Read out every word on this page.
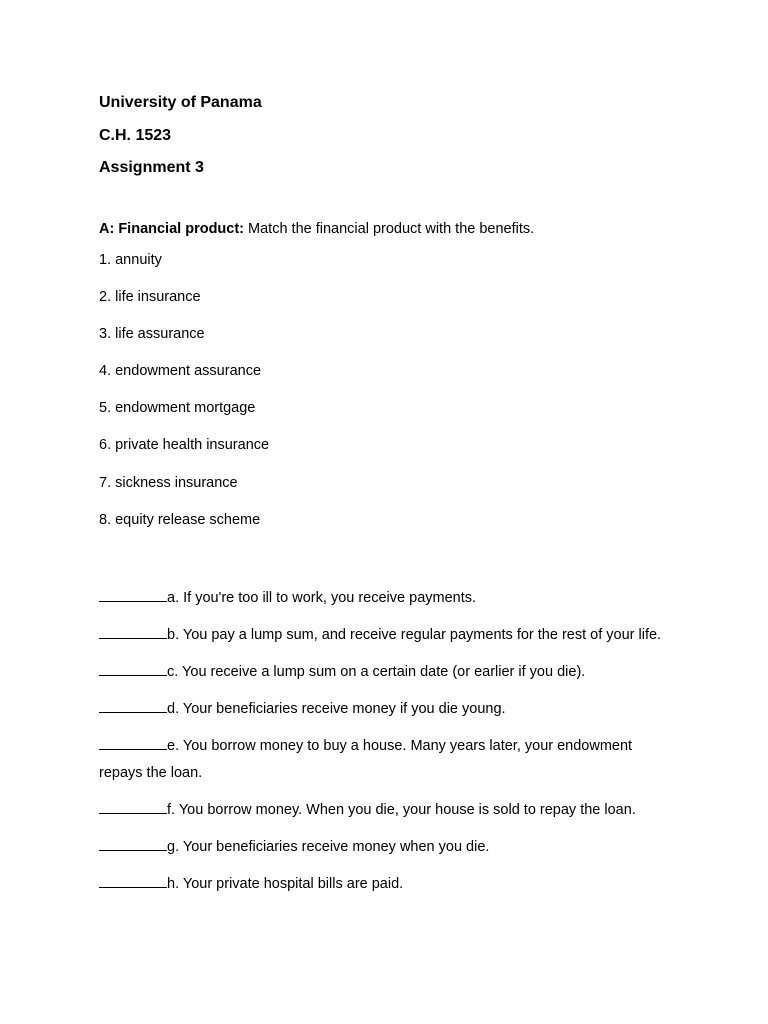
University of Panama
C.H. 1523
Assignment 3
A: Financial product: Match the financial product with the benefits.
1. annuity
2. life insurance
3. life assurance
4. endowment assurance
5. endowment mortgage
6. private health insurance
7. sickness insurance
8. equity release scheme
a. If you're too ill to work, you receive payments.
b. You pay a lump sum, and receive regular payments for the rest of your life.
c. You receive a lump sum on a certain date (or earlier if you die).
d. Your beneficiaries receive money if you die young.
e. You borrow money to buy a house. Many years later, your endowment repays the loan.
f. You borrow money. When you die, your house is sold to repay the loan.
g. Your beneficiaries receive money when you die.
h. Your private hospital bills are paid.
